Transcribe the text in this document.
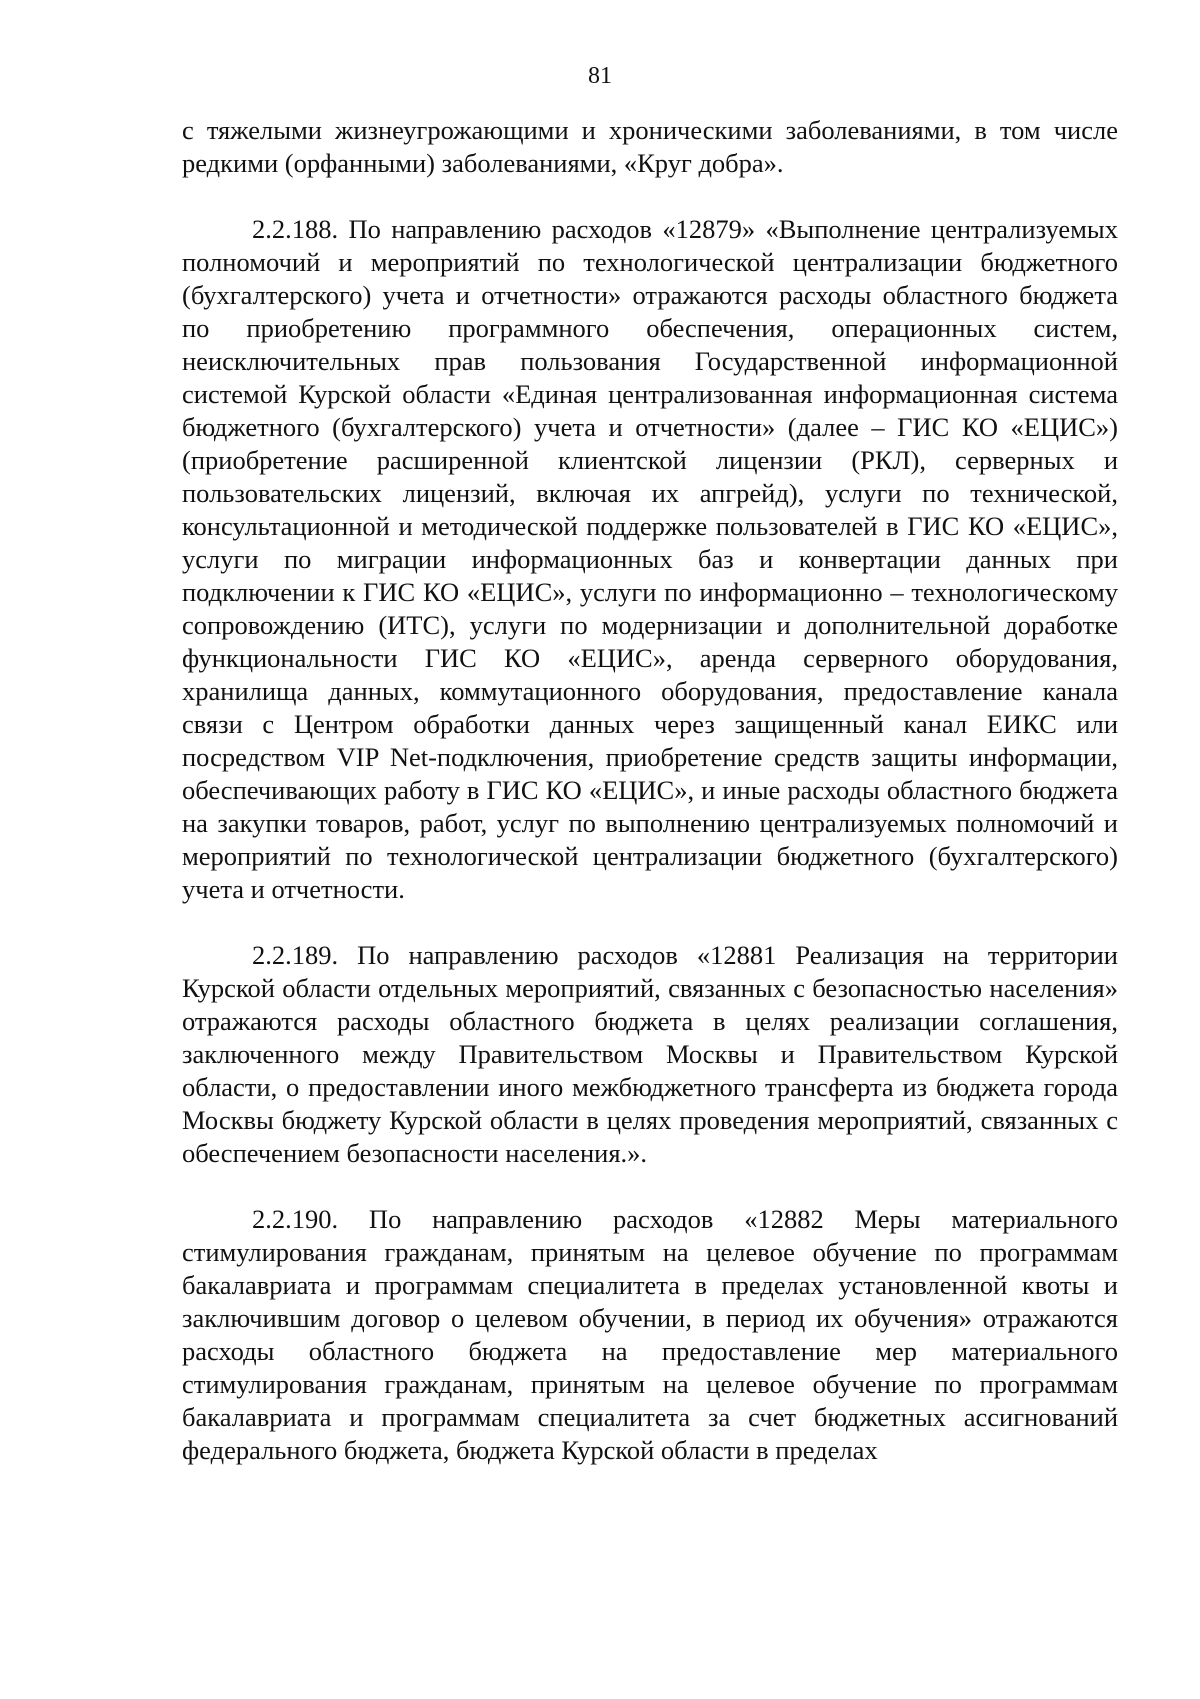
81

с тяжелыми жизнеугрожающими и хроническими заболеваниями, в том числе редкими (орфанными) заболеваниями, «Круг добра».

2.2.188. По направлению расходов «12879» «Выполнение централизуемых полномочий и мероприятий по технологической централизации бюджетного (бухгалтерского) учета и отчетности» отражаются расходы областного бюджета по приобретению программного обеспечения, операционных систем, неисключительных прав пользования Государственной информационной системой Курской области «Единая централизованная информационная система бюджетного (бухгалтерского) учета и отчетности» (далее – ГИС КО «ЕЦИС») (приобретение расширенной клиентской лицензии (РКЛ), серверных и пользовательских лицензий, включая их апгрейд), услуги по технической, консультационной и методической поддержке пользователей в ГИС КО «ЕЦИС», услуги по миграции информационных баз и конвертации данных при подключении к ГИС КО «ЕЦИС», услуги по информационно – технологическому сопровождению (ИТС), услуги по модернизации и дополнительной доработке функциональности ГИС КО «ЕЦИС», аренда серверного оборудования, хранилища данных, коммутационного оборудования, предоставление канала связи с Центром обработки данных через защищенный канал ЕИКС или посредством VIP Net-подключения, приобретение средств защиты информации, обеспечивающих работу в ГИС КО «ЕЦИС», и иные расходы областного бюджета на закупки товаров, работ, услуг по выполнению централизуемых полномочий и мероприятий по технологической централизации бюджетного (бухгалтерского) учета и отчетности.

2.2.189. По направлению расходов «12881 Реализация на территории Курской области отдельных мероприятий, связанных с безопасностью населения» отражаются расходы областного бюджета в целях реализации соглашения, заключенного между Правительством Москвы и Правительством Курской области, о предоставлении иного межбюджетного трансферта из бюджета города Москвы бюджету Курской области в целях проведения мероприятий, связанных с обеспечением безопасности населения.».

2.2.190. По направлению расходов «12882 Меры материального стимулирования гражданам, принятым на целевое обучение по программам бакалавриата и программам специалитета в пределах установленной квоты и заключившим договор о целевом обучении, в период их обучения» отражаются расходы областного бюджета на предоставление мер материального стимулирования гражданам, принятым на целевое обучение по программам бакалавриата и программам специалитета за счет бюджетных ассигнований федерального бюджета, бюджета Курской области в пределах
